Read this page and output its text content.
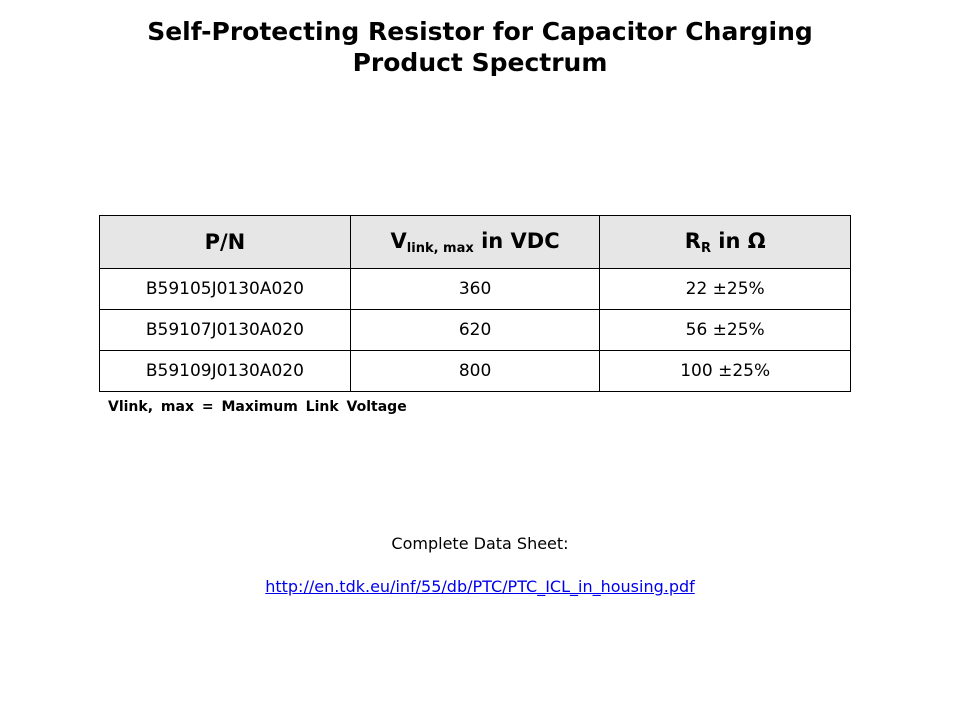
Self-Protecting Resistor for Capacitor Charging
Product Spectrum
P/N	Vlink, max in VDC	RR in Ω
B59105J0130A020	360	22 ±25%
B59107J0130A020	620	56 ±25%
B59109J0130A020	800	100 ±25%
Vlink, max = Maximum Link Voltage
Complete Data Sheet:
http://en.tdk.eu/inf/55/db/PTC/PTC_ICL_in_housing.pdf
